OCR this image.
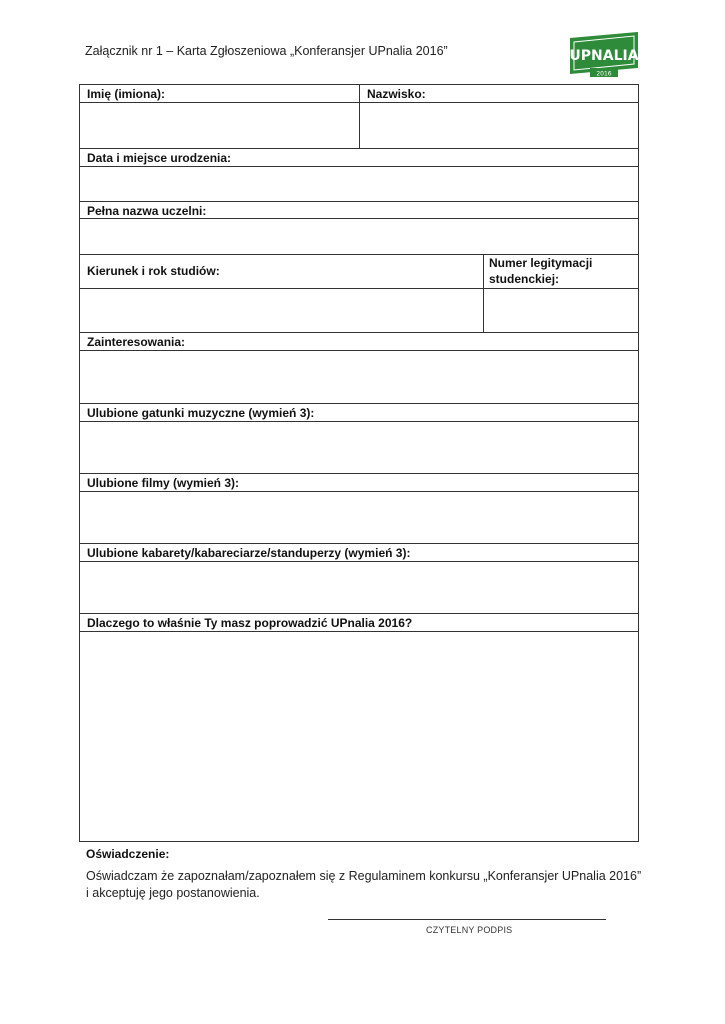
Załącznik nr 1 – Karta Zgłoszeniowa „Konferansjer UPnalia 2016”	UPNALIA
2016
Imię (imiona):	Nazwisko:
Data i miejsce urodzenia:
Pełna nazwa uczelni:
Kierunek i rok studiów:
Numer legitymacji
studenckiej:
Zainteresowania:
Ulubione gatunki muzyczne (wymień 3):
Ulubione filmy (wymień 3):
Ulubione kabarety/kabareciarze/standuperzy (wymień 3):
Dlaczego to właśnie Ty masz poprowadzić UPnalia 2016?
Oświadczenie:
Oświadczam że zapoznałam/zapoznałem się z Regulaminem konkursu „Konferansjer UPnalia 2016”
i akceptuję jego postanowienia.
CZYTELNY PODPIS
